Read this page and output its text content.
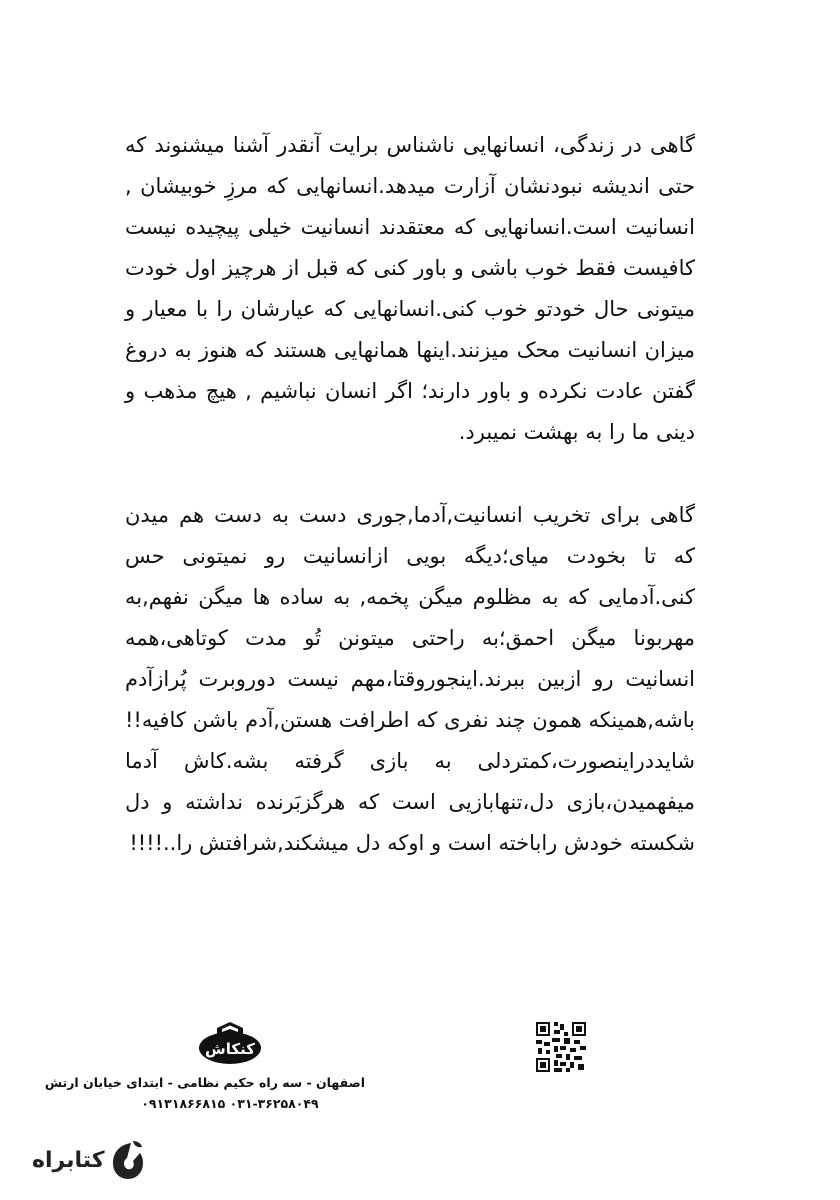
گاهی در زندگی، انسانهایی ناشناس برایت آنقدر آشنا میشنوند که حتی اندیشه نبودنشان آزارت میدهد.انسانهایی که مرزِ خوبیشان , انسانیت است.انسانهایی که معتقدند انسانیت خیلی پیچیده نیست کافیست فقط خوب باشی و باور کنی که قبل از هرچیز اول خودت میتونی حال خودتو خوب کنی.انسانهایی که عیارشان را با معیار و میزان انسانیت محک میزنند.اینها همانهایی هستند که هنوز به دروغ گفتن عادت نکرده و باور دارند؛ اگر انسان نباشیم , هیچ مذهب و دینی ما را به بهشت نمیبرد.

گاهی برای تخریب انسانیت,آدما,جوری دست به دست هم میدن که تا بخودت میای؛دیگه بویی ازانسانیت رو نمیتونی حس کنی.آدمایی که به مظلوم میگن پخمه, به ساده ها میگن نفهم,به مهربونا میگن احمق؛به راحتی میتونن تُو مدت کوتاهی،همه انسانیت رو ازبین ببرند.اینجوروقتا،مهم نیست دوروبرت پُرازآدم باشه,همینکه همون چند نفری که اطرافت هستن,آدم باشن کافیه!!شایددراینصورت،کمتردلی به بازی گرفته بشه.کاش آدما میفهمیدن،بازی دل،تنهابازیی است که هرگزبَرنده نداشته و دل شکسته خودش راباخته است و اوکه دل میشکند,شرافتش را..!!!!

کنکاش
اصفهان - سه راه حکیم نظامی - ابتدای خیابان ارتش
۰۹۱۳۱۸۶۶۸۱۵ ۰۳۱-۳۶۲۵۸۰۴۹
کتابراه
